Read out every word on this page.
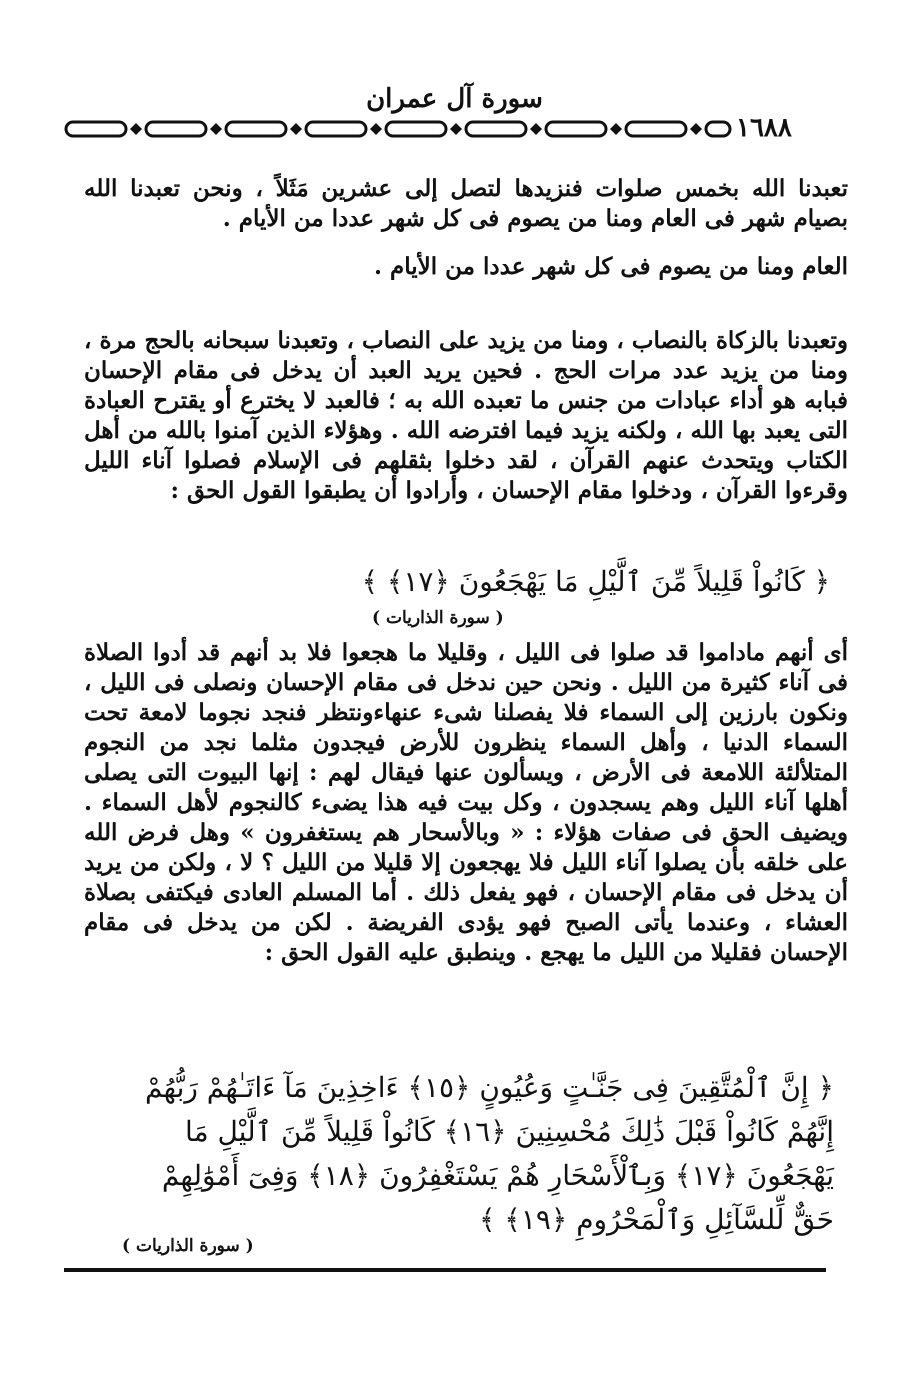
سورة آل عمران
١٦٨٨

تعبدنا الله بخمس صلوات فنزيدها لتصل إلى عشرين مَثَلاً ، ونحن تعبدنا الله بصيام شهر فى العام ومنا من يصوم فى كل شهر عددا من الأيام .

العام ومنا من يصوم فى كل شهر عددا من الأيام .

وتعبدنا بالزكاة بالنصاب ، ومنا من يزيد على النصاب ، وتعبدنا سبحانه بالحج مرة ، ومنا من يزيد عدد مرات الحج . فحين يريد العبد أن يدخل فى مقام الإحسان فبابه هو أداء عبادات من جنس ما تعبده الله به ؛ فالعبد لا يخترع أو يقترح العبادة التى يعبد بها الله ، ولكنه يزيد فيما افترضه الله . وهؤلاء الذين آمنوا بالله من أهل الكتاب ويتحدث عنهم القرآن ، لقد دخلوا بثقلهم فى الإسلام فصلوا آناء الليل وقرءوا القرآن ، ودخلوا مقام الإحسان ، وأرادوا أن يطبقوا القول الحق :

﴿ كَانُواْ قَلِيلاً مِّنَ ٱلَّيْلِ مَا يَهْجَعُونَ ﴿١٧﴾ ﴾

( سورة الذاريات )

أى أنهم ماداموا قد صلوا فى الليل ، وقليلا ما هجعوا فلا بد أنهم قد أدوا الصلاة فى آناء كثيرة من الليل . ونحن حين ندخل فى مقام الإحسان ونصلى فى الليل ، ونكون بارزين إلى السماء فلا يفصلنا شىء عنهاءونتظر فنجد نجوما لامعة تحت السماء الدنيا ، وأهل السماء ينظرون للأرض فيجدون مثلما نجد من النجوم المتلألئة اللامعة فى الأرض ، ويسألون عنها فيقال لهم : إنها البيوت التى يصلى أهلها آناء الليل وهم يسجدون ، وكل بيت فيه هذا يضىء كالنجوم لأهل السماء . ويضيف الحق فى صفات هؤلاء : « وبالأسحار هم يستغفرون » وهل فرض الله على خلقه بأن يصلوا آناء الليل فلا يهجعون إلا قليلا من الليل ؟ لا ، ولكن من يريد أن يدخل فى مقام الإحسان ، فهو يفعل ذلك . أما المسلم العادى فيكتفى بصلاة العشاء ، وعندما يأتى الصبح فهو يؤدى الفريضة . لكن من يدخل فى مقام الإحسان فقليلا من الليل ما يهجع . وينطبق عليه القول الحق :

﴿ إِنَّ ٱلْمُتَّقِينَ فِى جَنَّـٰتٍ وَعُيُونٍ ﴿١٥﴾ ءَاخِذِينَ مَآ ءَاتَـٰهُمْ رَبُّهُمْ إِنَّهُمْ كَانُواْ قَبْلَ ذَٰلِكَ مُحْسِنِينَ ﴿١٦﴾ كَانُواْ قَلِيلاً مِّنَ ٱلَّيْلِ مَا يَهْجَعُونَ ﴿١٧﴾ وَبِٱلْأَسْحَارِ هُمْ يَسْتَغْفِرُونَ ﴿١٨﴾ وَفِىٓ أَمْوَٰلِهِمْ حَقٌّ لِّلسَّآئِلِ وَٱلْمَحْرُومِ ﴿١٩﴾ ﴾

( سورة الذاريات )
